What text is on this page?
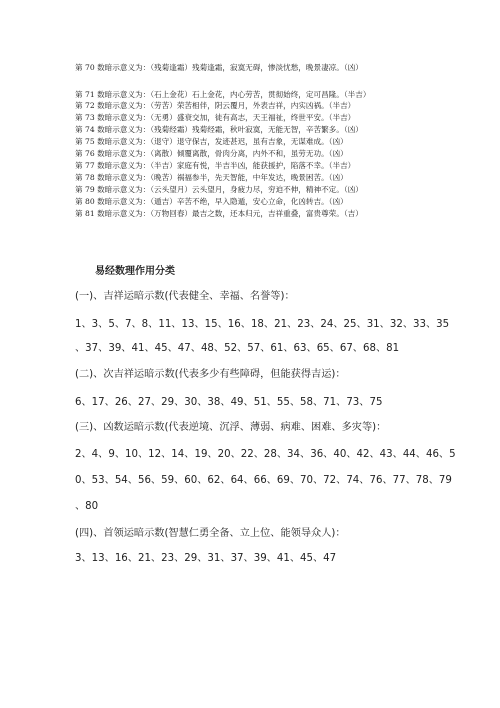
第 70 数暗示意义为：（残菊逢霜）残菊逢霜，寂寞无碍，惨淡忧愁，晚景凄凉。（凶）
第 71 数暗示意义为：（石上金花）石上金花，内心劳苦，贯彻始终，定可昌隆。（半吉）
第 72 数暗示意义为：（劳苦）荣苦相伴，阴云覆月，外表吉祥，内实凶祸。（半吉）
第 73 数暗示意义为：（无勇）盛衰交加，徒有高志，天王福祉，终世平安。（半吉）
第 74 数暗示意义为：（残菊经霜）残菊经霜，秋叶寂寞，无能无智，辛苦繁多。（凶）
第 75 数暗示意义为：（退守）退守保吉，发迹甚迟，虽有吉象，无谋难成。（凶）
第 76 数暗示意义为：（离散）倾覆离散，骨肉分离，内外不和，虽劳无功。（凶）
第 77 数暗示意义为：（半吉）家庭有悦，半吉半凶，能获援护，陷落不幸。（半吉）
第 78 数暗示意义为：（晚苦）祸福参半，先天智能，中年发达，晚景困苦。（凶）
第 79 数暗示意义为：（云头望月）云头望月，身疲力尽，穷迫不伸，精神不定。（凶）
第 80 数暗示意义为：（遁吉）辛苦不绝，早入隐遁，安心立命，化凶转吉。（凶）
第 81 数暗示意义为：（万物回春）最吉之数，还本归元，吉祥重叠，富贵尊荣。（吉）
易经数理作用分类
(一)、吉祥运暗示数(代表健全、幸福、名誉等)：
1、3、5、7、8、11、13、15、16、18、21、23、24、25、31、32、33、35
、37、39、41、45、47、48、52、57、61、63、65、67、68、81
(二)、次吉祥运暗示数(代表多少有些障碍，但能获得吉运)：
6、17、26、27、29、30、38、49、51、55、58、71、73、75
(三)、凶数运暗示数(代表逆境、沉浮、薄弱、病难、困难、多灾等)：
2、4、9、10、12、14、19、20、22、28、34、36、40、42、43、44、46、5
0、53、54、56、59、60、62、64、66、69、70、72、74、76、77、78、79
、80
(四)、首领运暗示数(智慧仁勇全备、立上位、能领导众人)：
3、13、16、21、23、29、31、37、39、41、45、47
